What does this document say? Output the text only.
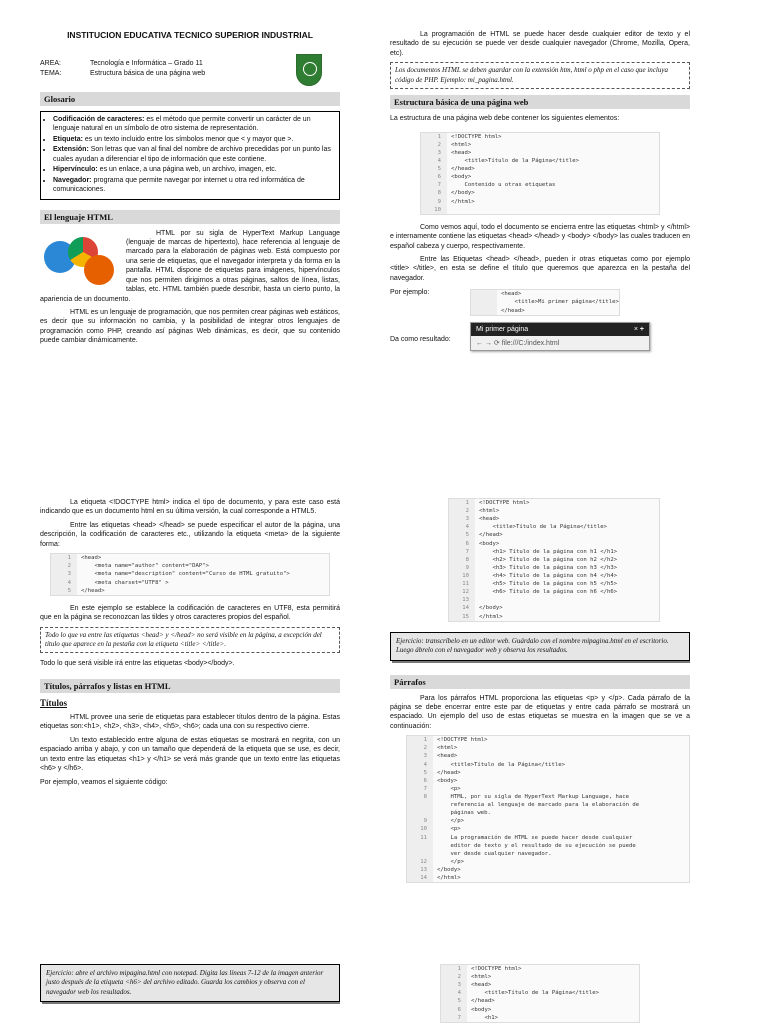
INSTITUCION EDUCATIVA TECNICO SUPERIOR INDUSTRIAL
AREA:	Tecnología e Informática – Grado 11
TEMA:	Estructura básica de una página web
Glosario
• Codificación de caracteres: es el método que permite convertir un carácter de un lenguaje natural en un símbolo de otro sistema de representación.
• Etiqueta: es un texto incluido entre los símbolos menor que < y mayor que >.
• Extensión: Son letras que van al final del nombre de archivo precedidas por un punto las cuales ayudan a diferenciar el tipo de información que este contiene.
• Hipervínculo: es un enlace, a una página web, un archivo, imagen, etc.
• Navegador: programa que permite navegar por internet u otra red informática de comunicaciones.
El lenguaje HTML

HTML por su sigla de HyperText Markup Language (lenguaje de marcas de hipertexto), hace referencia al lenguaje de marcado para la elaboración de páginas web. Está compuesto por una serie de etiquetas, que el navegador interpreta y da forma en la pantalla. HTML dispone de etiquetas para imágenes, hipervínculos que nos permiten dirigirnos a otras páginas, saltos de línea, listas, tablas, etc. HTML también puede describir, hasta un cierto punto, la apariencia de un documento.

HTML es un lenguaje de programación, que nos permiten crear páginas web estáticos, es decir que su información no cambia, y la posibilidad de integrar otros lenguajes de programación como PHP, creando así páginas Web dinámicas, es decir, que su contenido puede cambiar dinámicamente.

La programación de HTML se puede hacer desde cualquier editor de texto y el resultado de su ejecución se puede ver desde cualquier navegador (Chrome, Mozilla, Opera, etc).

Los documentos HTML se deben guardar con la extensión htm, html o php en el caso que incluya código de PHP. Ejemplo: mi_pagina.html.
Estructura básica de una página web

La estructura de una página web debe contener los siguientes elementos:

1	<!DOCTYPE html>
2	<html>
3	<head>
4	<title>Título de la Página</title>
5	</head>
6	<body>
7	Contenido u otras etiquetas
8	</body>
9	</html>
10

Como vemos aquí, todo el documento se encierra entre las etiquetas <html> y </html> e internamente contiene las etiquetas <head> </head> y <body> </body> las cuales traducen en español cabeza y cuerpo, respectivamente.

Entre las Etiquetas <head> </head>, pueden ir otras etiquetas como por ejemplo <title> </title>, en esta se define el título que queremos que aparezca en la pestaña del navegador.

Por ejemplo:	<head>
<title>Mi primer página</title>
</head>
Da como resultado:
Mi primer página	× +
← → ⟳ file:///C:/index.html

La etiqueta <!DOCTYPE html> indica el tipo de documento, y para este caso está indicando que es un documento html en su última versión, la cual corresponde a HTML5.

Entre las etiquetas <head> </head> se puede especificar el autor de la página, una descripción, la codificación de caracteres etc., utilizando la etiqueta <meta> de la siguiente forma:

1	<head>
2	<meta name="author" content="DAP">
3	<meta name="description" content="Curso de HTML gratuito">
4	<meta charset="UTF8" >
5	</head>

En este ejemplo se establece la codificación de caracteres en UTF8, esta permitirá que en la página se reconozcan las tildes y otros caracteres propios del español.

Todo lo que va entre las etiquetas <head> y </head> no será visible en la página, a excepción del título que aparece en la pestaña con la etiqueta <title> </title>.

Todo lo que será visible irá entre las etiquetas <body></body>.

Títulos, párrafos y listas en HTML
Títulos

HTML provee una serie de etiquetas para establecer títulos dentro de la página. Estas etiquetas son:<h1>, <h2>, <h3>, <h4>, <h5>, <h6>; cada una con su respectivo cierre.

Un texto establecido entre alguna de estas etiquetas se mostrará en negrita, con un espaciado arriba y abajo, y con un tamaño que dependerá de la etiqueta que se use, es decir, un texto entre las etiquetas <h1> y </h1> se verá más grande que un texto entre las etiquetas <h6> y </h6>.

Por ejemplo, veamos el siguiente código:

1	<!DOCTYPE html>
2	<html>
3	<head>
4	<title>Título de la Página</title>
5	</head>
6	<body>
7	<h1> Título de la página con h1 </h1>
8	<h2> Título de la página con h2 </h2>
9	<h3> Título de la página con h3 </h3>
10	<h4> Título de la página con h4 </h4>
11	<h5> Título de la página con h5 </h5>
12	<h6> Título de la página con h6 </h6>
13
14	</body>
15	</html>
Ejercicio: transcríbelo en un editor web. Guárdalo con el nombre mipagina.html en el escritorio. Luego ábrelo con el navegador web y observa los resultados.
Párrafos

Para los párrafos HTML proporciona las etiquetas <p> y </p>. Cada párrafo de la página se debe encerrar entre este par de etiquetas y entre cada párrafo se mostrará un espaciado. Un ejemplo del uso de estas etiquetas se muestra en la imagen que se ve a continuación:

1	<!DOCTYPE html>
2	<html>
3	<head>
4	<title>Título de la Página</title>
5	</head>
6	<body>
7	<p>
8	HTML, por su sigla de HyperText Markup Language, hace
referencia al lenguaje de marcado para la elaboración de
páginas web.
9	</p>
10	<p>
11	La programación de HTML se puede hacer desde cualquier
editor de texto y el resultado de su ejecución se puede
ver desde cualquier navegador.
12	</p>
13	</body>
14	</html>
Ejercicio: abre el archivo mipagina.html con notepad. Digita las líneas 7-12 de la imagen anterior justo después de la etiqueta <h6> del archivo editado. Guarda los cambios y observa con el navegador web los resultados.
1	<!DOCTYPE html>
2	<html>
3	<head>
4	<title>Título de la Página</title>
5	</head>
6	<body>
7	<h1>
